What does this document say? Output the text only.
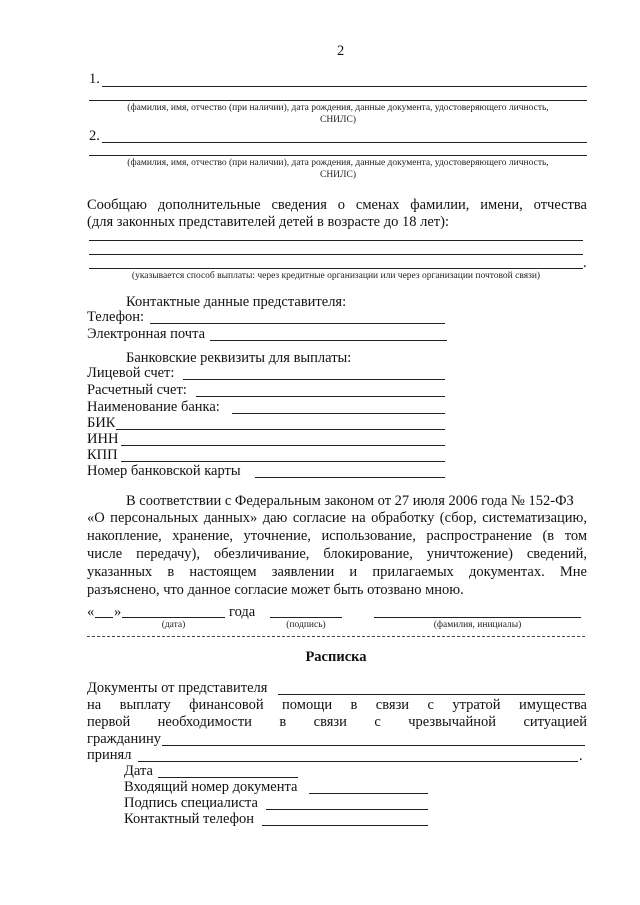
2
1.
(фамилия, имя, отчество (при наличии), дата рождения, данные документа, удостоверяющего личность,
СНИЛС)
2.
(фамилия, имя, отчество (при наличии), дата рождения, данные документа, удостоверяющего личность,
СНИЛС)
Сообщаю дополнительные сведения о сменах фамилии, имени, отчества
(для законных представителей детей в возрасте до 18 лет):
.
(указывается способ выплаты: через кредитные организации или через организации почтовой связи)
Контактные данные представителя:
Телефон:
Электронная почта
Банковские реквизиты для выплаты:
Лицевой счет:
Расчетный счет:
Наименование банка:
БИК
ИНН
КПП
Номер банковской карты
В соответствии с Федеральным законом от 27 июля 2006 года № 152-ФЗ
«О персональных данных» даю согласие на обработку (сбор, систематизацию,
накопление, хранение, уточнение, использование, распространение (в том
числе передачу), обезличивание, блокирование, уничтожение) сведений,
указанных в настоящем заявлении и прилагаемых документах. Мне
разъяснено, что данное согласие может быть отозвано мною.
« »	года
(дата)	(подпись)	(фамилия, инициалы)
Расписка
Документы от представителя
на выплату финансовой помощи в связи с утратой имущества
первой необходимости в связи с чрезвычайной ситуацией
гражданину
принял	.
Дата
Входящий номер документа
Подпись специалиста
Контактный телефон
